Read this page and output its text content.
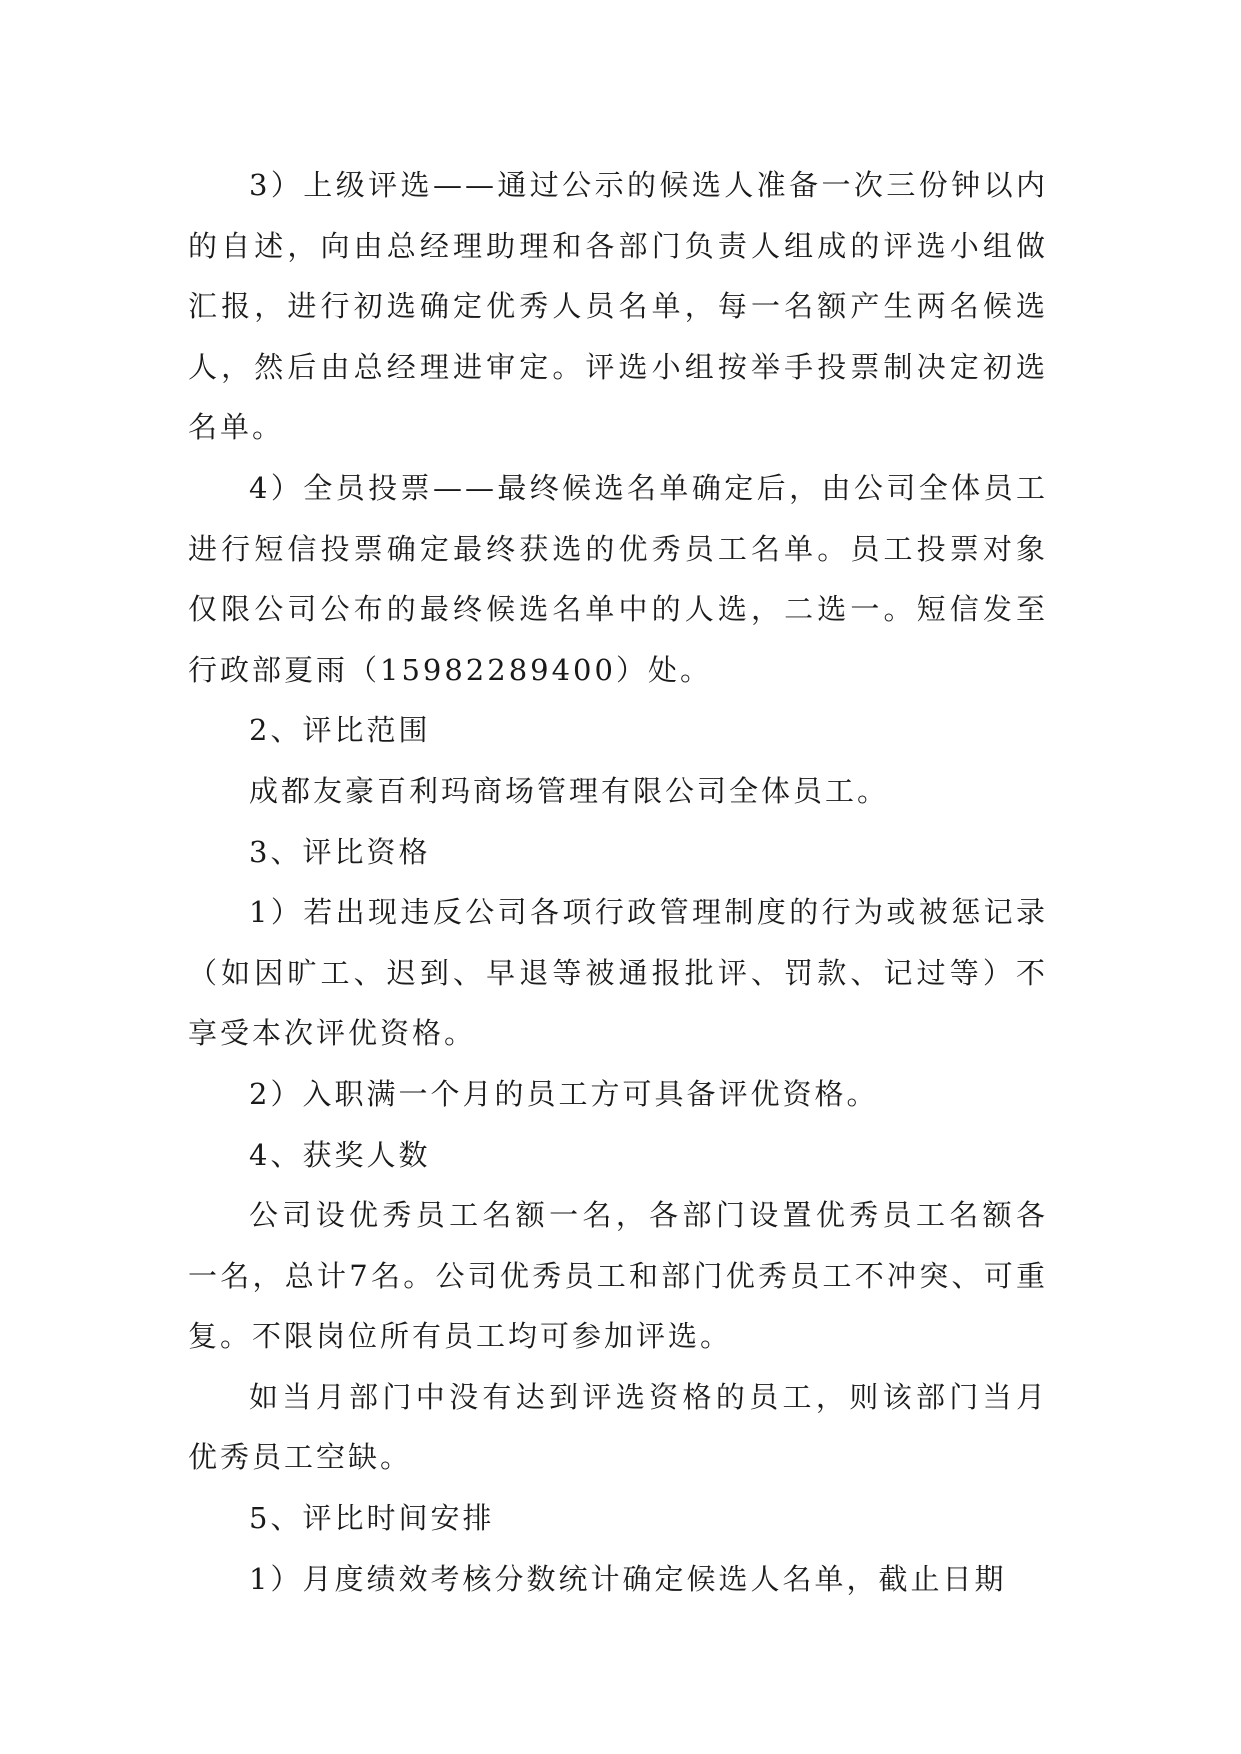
3）上级评选——通过公示的候选人准备一次三份钟以内的自述，向由总经理助理和各部门负责人组成的评选小组做汇报，进行初选确定优秀人员名单，每一名额产生两名候选人，然后由总经理进审定。评选小组按举手投票制决定初选名单。

4）全员投票——最终候选名单确定后，由公司全体员工进行短信投票确定最终获选的优秀员工名单。员工投票对象仅限公司公布的最终候选名单中的人选，二选一。短信发至行政部夏雨（15982289400）处。

2、评比范围

成都友豪百利玛商场管理有限公司全体员工。

3、评比资格

1）若出现违反公司各项行政管理制度的行为或被惩记录（如因旷工、迟到、早退等被通报批评、罚款、记过等）不享受本次评优资格。

2）入职满一个月的员工方可具备评优资格。

4、获奖人数

公司设优秀员工名额一名，各部门设置优秀员工名额各一名，总计7名。公司优秀员工和部门优秀员工不冲突、可重复。不限岗位所有员工均可参加评选。

如当月部门中没有达到评选资格的员工，则该部门当月优秀员工空缺。

5、评比时间安排

1）月度绩效考核分数统计确定候选人名单，截止日期
